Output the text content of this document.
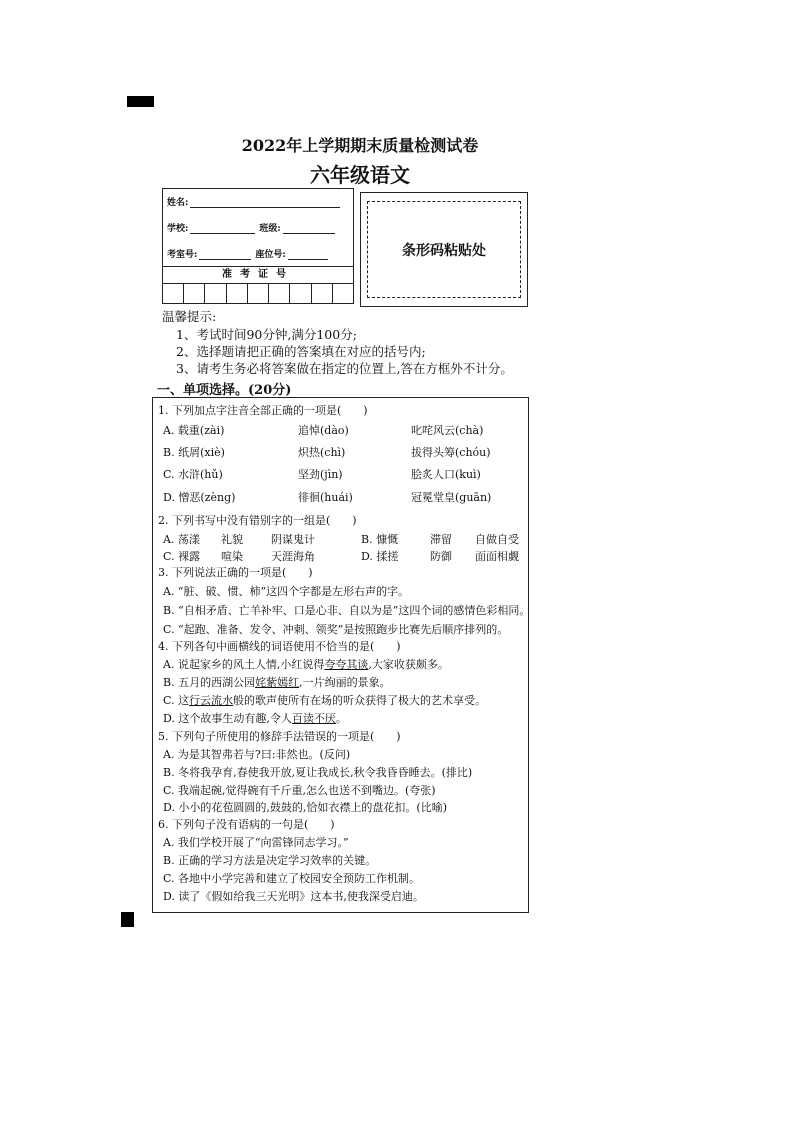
2022年上学期期末质量检测试卷
六年级语文
姓名:
学校:	班级:
考室号:	座位号:
准考证号
条形码粘贴处
温馨提示:
1、考试时间90分钟,满分100分;
2、选择题请把正确的答案填在对应的括号内;
3、请考生务必将答案做在指定的位置上,答在方框外不计分。
一、单项选择。(20分)
1. 下列加点字注音全部正确的一项是(　　)
A. 载重(zài)	追悼(dào)	叱咤风云(chà)
B. 纸屑(xiè)	炽热(chì)	拔得头筹(chóu)
C. 水浒(hǔ)	坚劲(jìn)	脍炙人口(kuì)
D. 憎恶(zèng)	徘徊(huái)	冠冕堂皇(guān)
2. 下列书写中没有错别字的一组是(　　)
A. 荡漾 礼貌	阴谋鬼计	B. 慷慨	滞留 自做自受
C. 裸露 喧染	天涯海角	D. 揉搓	防御 面面相觑
3. 下列说法正确的一项是(　　)
A. “脏、破、惯、柿”这四个字都是左形右声的字。
B. “自相矛盾、亡羊补牢、口是心非、自以为是”这四个词的感情色彩相同。
C. “起跑、准备、发令、冲刺、领奖”是按照跑步比赛先后顺序排列的。
4. 下列各句中画横线的词语使用不恰当的是(　　)
A. 说起家乡的风土人情,小红说得夸夸其谈,大家收获颇多。
B. 五月的西湖公园姹紫嫣红,一片绚丽的景象。
C. 这行云流水般的歌声使所有在场的听众获得了极大的艺术享受。
D. 这个故事生动有趣,令人百读不厌。
5. 下列句子所使用的修辞手法错误的一项是(　　)
A. 为是其智弗若与?曰:非然也。(反问)
B. 冬将我孕育,春使我开放,夏让我成长,秋令我昏昏睡去。(排比)
C. 我端起碗,觉得碗有千斤重,怎么也送不到嘴边。(夸张)
D. 小小的花苞圆圆的,鼓鼓的,恰如衣襟上的盘花扣。(比喻)
6. 下列句子没有语病的一句是(　　)
A. 我们学校开展了“向雷锋同志学习。”
B. 正确的学习方法是决定学习效率的关键。
C. 各地中小学完善和建立了校园安全预防工作机制。
D. 读了《假如给我三天光明》这本书,使我深受启迪。
